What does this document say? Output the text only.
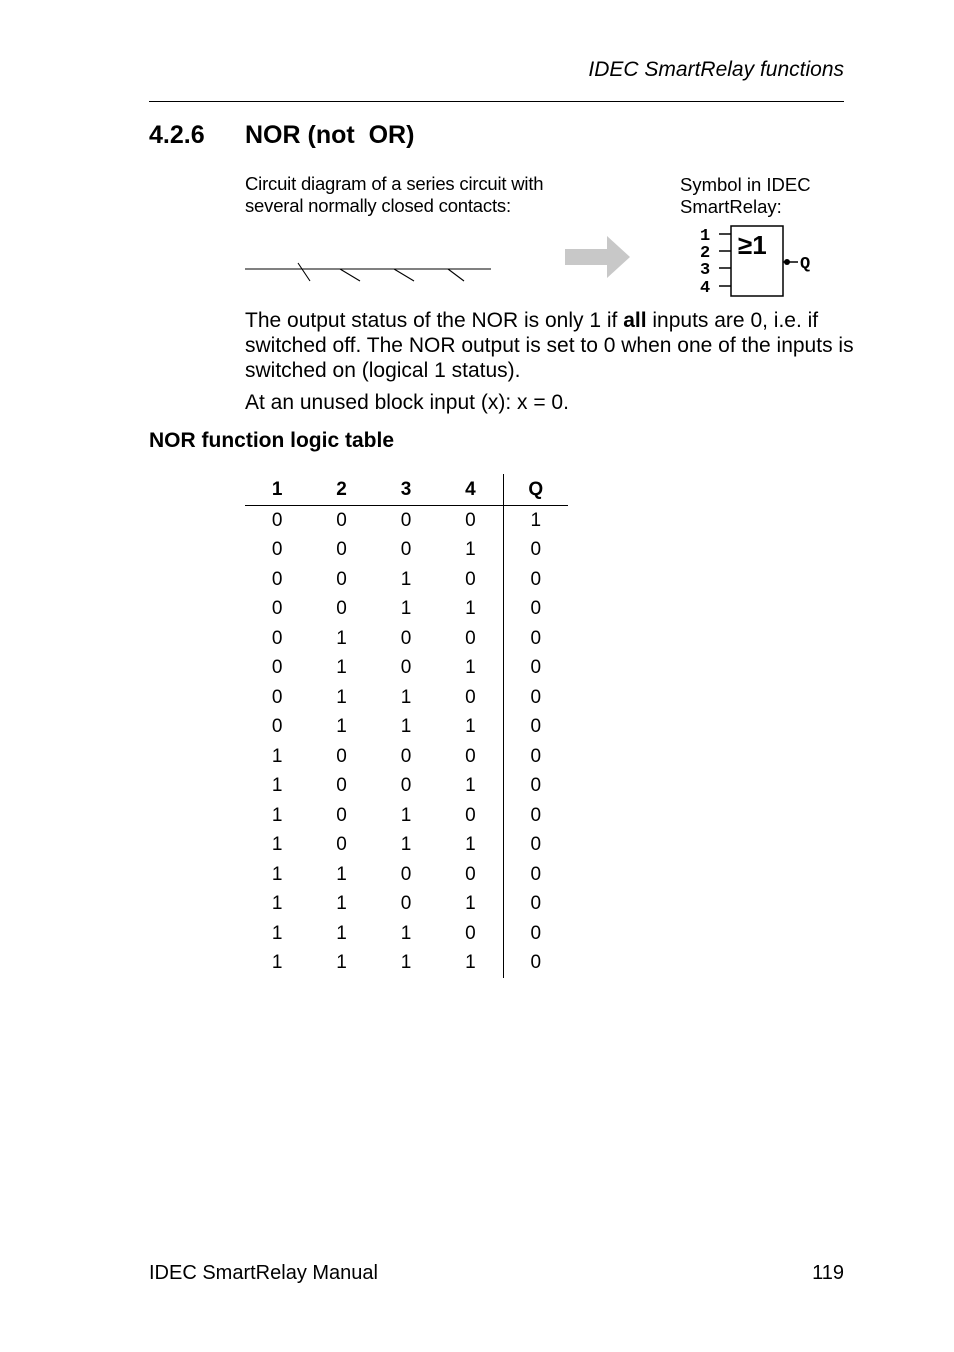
IDEC SmartRelay functions
4.2.6 NOR (not  OR)
Circuit diagram of a series circuit with
several normally closed contacts:
Symbol in IDEC
SmartRelay:
1
2
3
4
≥1
Q
The output status of the NOR is only 1 if all inputs are 0, i.e. if switched off. The NOR output is set to 0 when one of the inputs is switched on (logical 1 status).
At an unused block input (x): x = 0.
NOR function logic table
1	2	3	4	Q
0	0	0	0	1
0	0	0	1	0
0	0	1	0	0
0	0	1	1	0
0	1	0	0	0
0	1	0	1	0
0	1	1	0	0
0	1	1	1	0
1	0	0	0	0
1	0	0	1	0
1	0	1	0	0
1	0	1	1	0
1	1	0	0	0
1	1	0	1	0
1	1	1	0	0
1	1	1	1	0
IDEC SmartRelay Manual	119
